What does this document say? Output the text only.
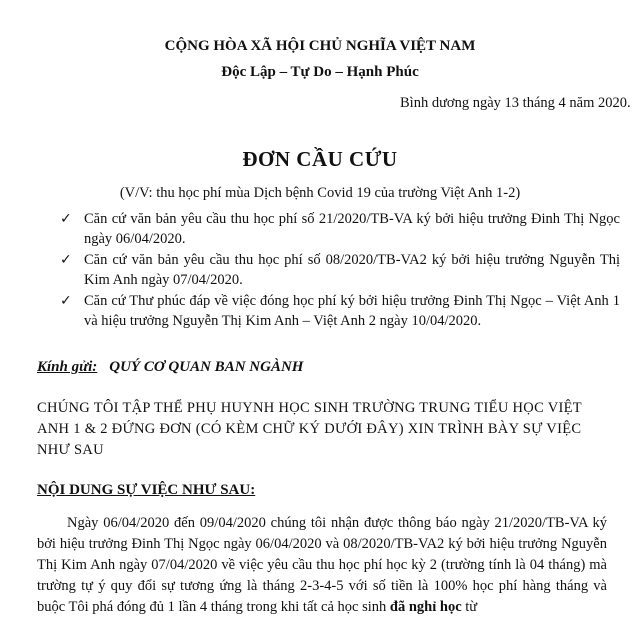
CỘNG HÒA XÃ HỘI CHỦ NGHĨA VIỆT NAM
Độc Lập – Tự Do – Hạnh Phúc
Bình dương ngày 13 tháng 4 năm 2020.
ĐƠN CẦU CỨU
(V/V: thu học phí mùa Dịch bệnh Covid 19 của trường Việt Anh 1-2)
✓ Căn cứ văn bản yêu cầu thu học phí số 21/2020/TB-VA ký bởi hiệu trưởng Đinh Thị Ngọc ngày 06/04/2020.
✓ Căn cứ văn bản yêu cầu thu học phí số 08/2020/TB-VA2 ký bởi hiệu trưởng Nguyễn Thị Kim Anh ngày 07/04/2020.
✓ Căn cứ Thư phúc đáp về việc đóng học phí ký bởi hiệu trưởng Đinh Thị Ngọc – Việt Anh 1 và hiệu trưởng Nguyễn Thị Kim Anh – Việt Anh 2 ngày 10/04/2020.
Kính gửi: QUÝ CƠ QUAN BAN NGÀNH
CHÚNG TÔI TẬP THỂ PHỤ HUYNH HỌC SINH TRƯỜNG TRUNG TIỂU HỌC VIỆT ANH 1 & 2 ĐỨNG ĐƠN (CÓ KÈM CHỮ KÝ DƯỚI ĐÂY) XIN TRÌNH BÀY SỰ VIỆC NHƯ SAU
NỘI DUNG SỰ VIỆC NHƯ SAU:

Ngày 06/04/2020 đến 09/04/2020 chúng tôi nhận được thông báo ngày 21/2020/TB-VA ký bởi hiệu trưởng Đinh Thị Ngọc ngày 06/04/2020 và 08/2020/TB-VA2 ký bởi hiệu trưởng Nguyễn Thị Kim Anh ngày 07/04/2020 về việc yêu cầu thu học phí học kỳ 2 (trường tính là 04 tháng) mà trường tự ý quy đổi sự tương ứng là tháng 2-3-4-5 với số tiền là 100% học phí hàng tháng và buộc Tôi phá đóng đủ 1 lần 4 tháng trong khi tất cả học sinh đã nghỉ học từ
